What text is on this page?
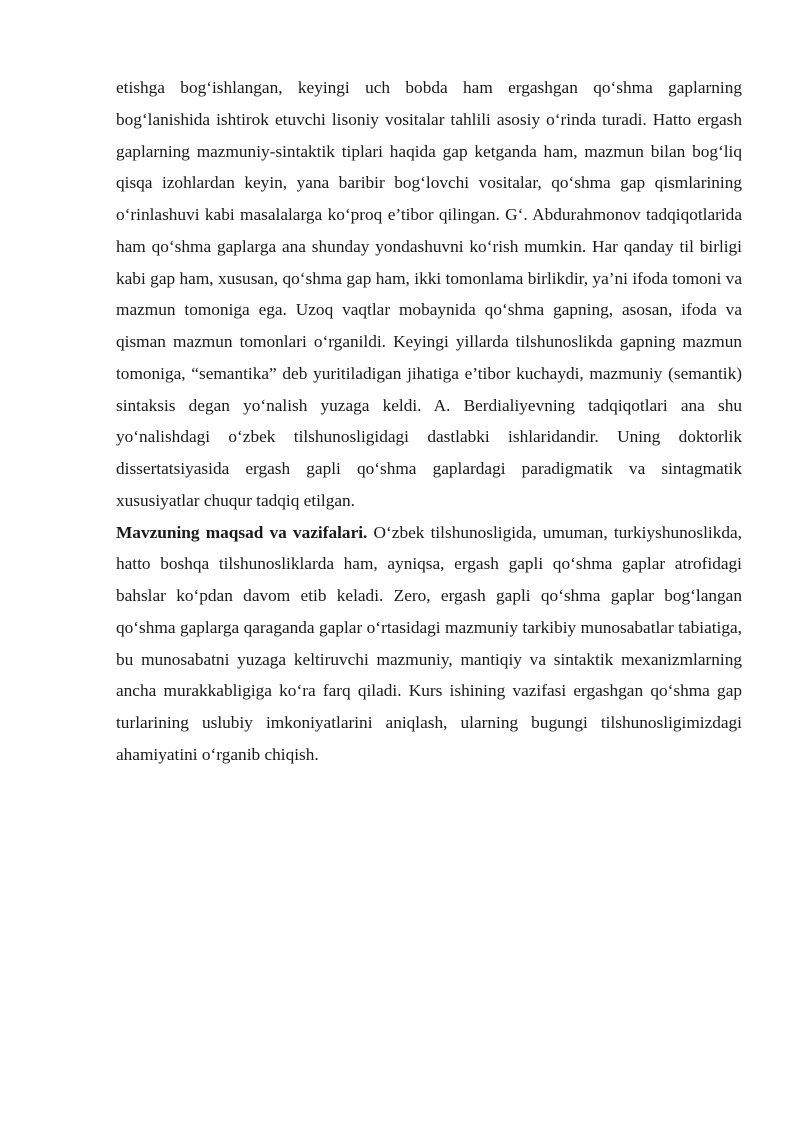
etishga bog‘ishlangan, keyingi uch bobda ham ergashgan qo‘shma gaplarning bog‘lanishida ishtirok etuvchi lisoniy vositalar tahlili asosiy o‘rinda turadi. Hatto ergash gaplarning mazmuniy-sintaktik tiplari haqida gap ketganda ham, mazmun bilan bog‘liq qisqa izohlardan keyin, yana baribir bog‘lovchi vositalar, qo‘shma gap qismlarining o‘rinlashuvi kabi masalalarga ko‘proq e’tibor qilingan. G‘. Abdurahmonov tadqiqotlarida ham qo‘shma gaplarga ana shunday yondashuvni ko‘rish mumkin. Har qanday til birligi kabi gap ham, xususan, qo‘shma gap ham, ikki tomonlama birlikdir, ya’ni ifoda tomoni va mazmun tomoniga ega. Uzoq vaqtlar mobaynida qo‘shma gapning, asosan, ifoda va qisman mazmun tomonlari o‘rganildi. Keyingi yillarda tilshunoslikda gapning mazmun tomoniga, “semantika” deb yuritiladigan jihatiga e’tibor kuchaydi, mazmuniy (semantik) sintaksis degan yo‘nalish yuzaga keldi. A. Berdialiyevning tadqiqotlari ana shu yo‘nalishdagi o‘zbek tilshunosligidagi dastlabki ishlaridandir. Uning doktorlik dissertatsiyasida ergash gapli qo‘shma gaplardagi paradigmatik va sintagmatik xususiyatlar chuqur tadqiq etilgan.

Mavzuning maqsad va vazifalari. O‘zbek tilshunosligida, umuman, turkiyshunoslikda, hatto boshqa tilshunosliklarda ham, ayniqsa, ergash gapli qo‘shma gaplar atrofidagi bahslar ko‘pdan davom etib keladi. Zero, ergash gapli qo‘shma gaplar bog‘langan qo‘shma gaplarga qaraganda gaplar o‘rtasidagi mazmuniy tarkibiy munosabatlar tabiatiga, bu munosabatni yuzaga keltiruvchi mazmuniy, mantiqiy va sintaktik mexanizmlarning ancha murakkabligiga ko‘ra farq qiladi. Kurs ishining vazifasi ergashgan qo‘shma gap turlarining uslubiy imkoniyatlarini aniqlash, ularning bugungi tilshunosligimizdagi ahamiyatini o‘rganib chiqish.
